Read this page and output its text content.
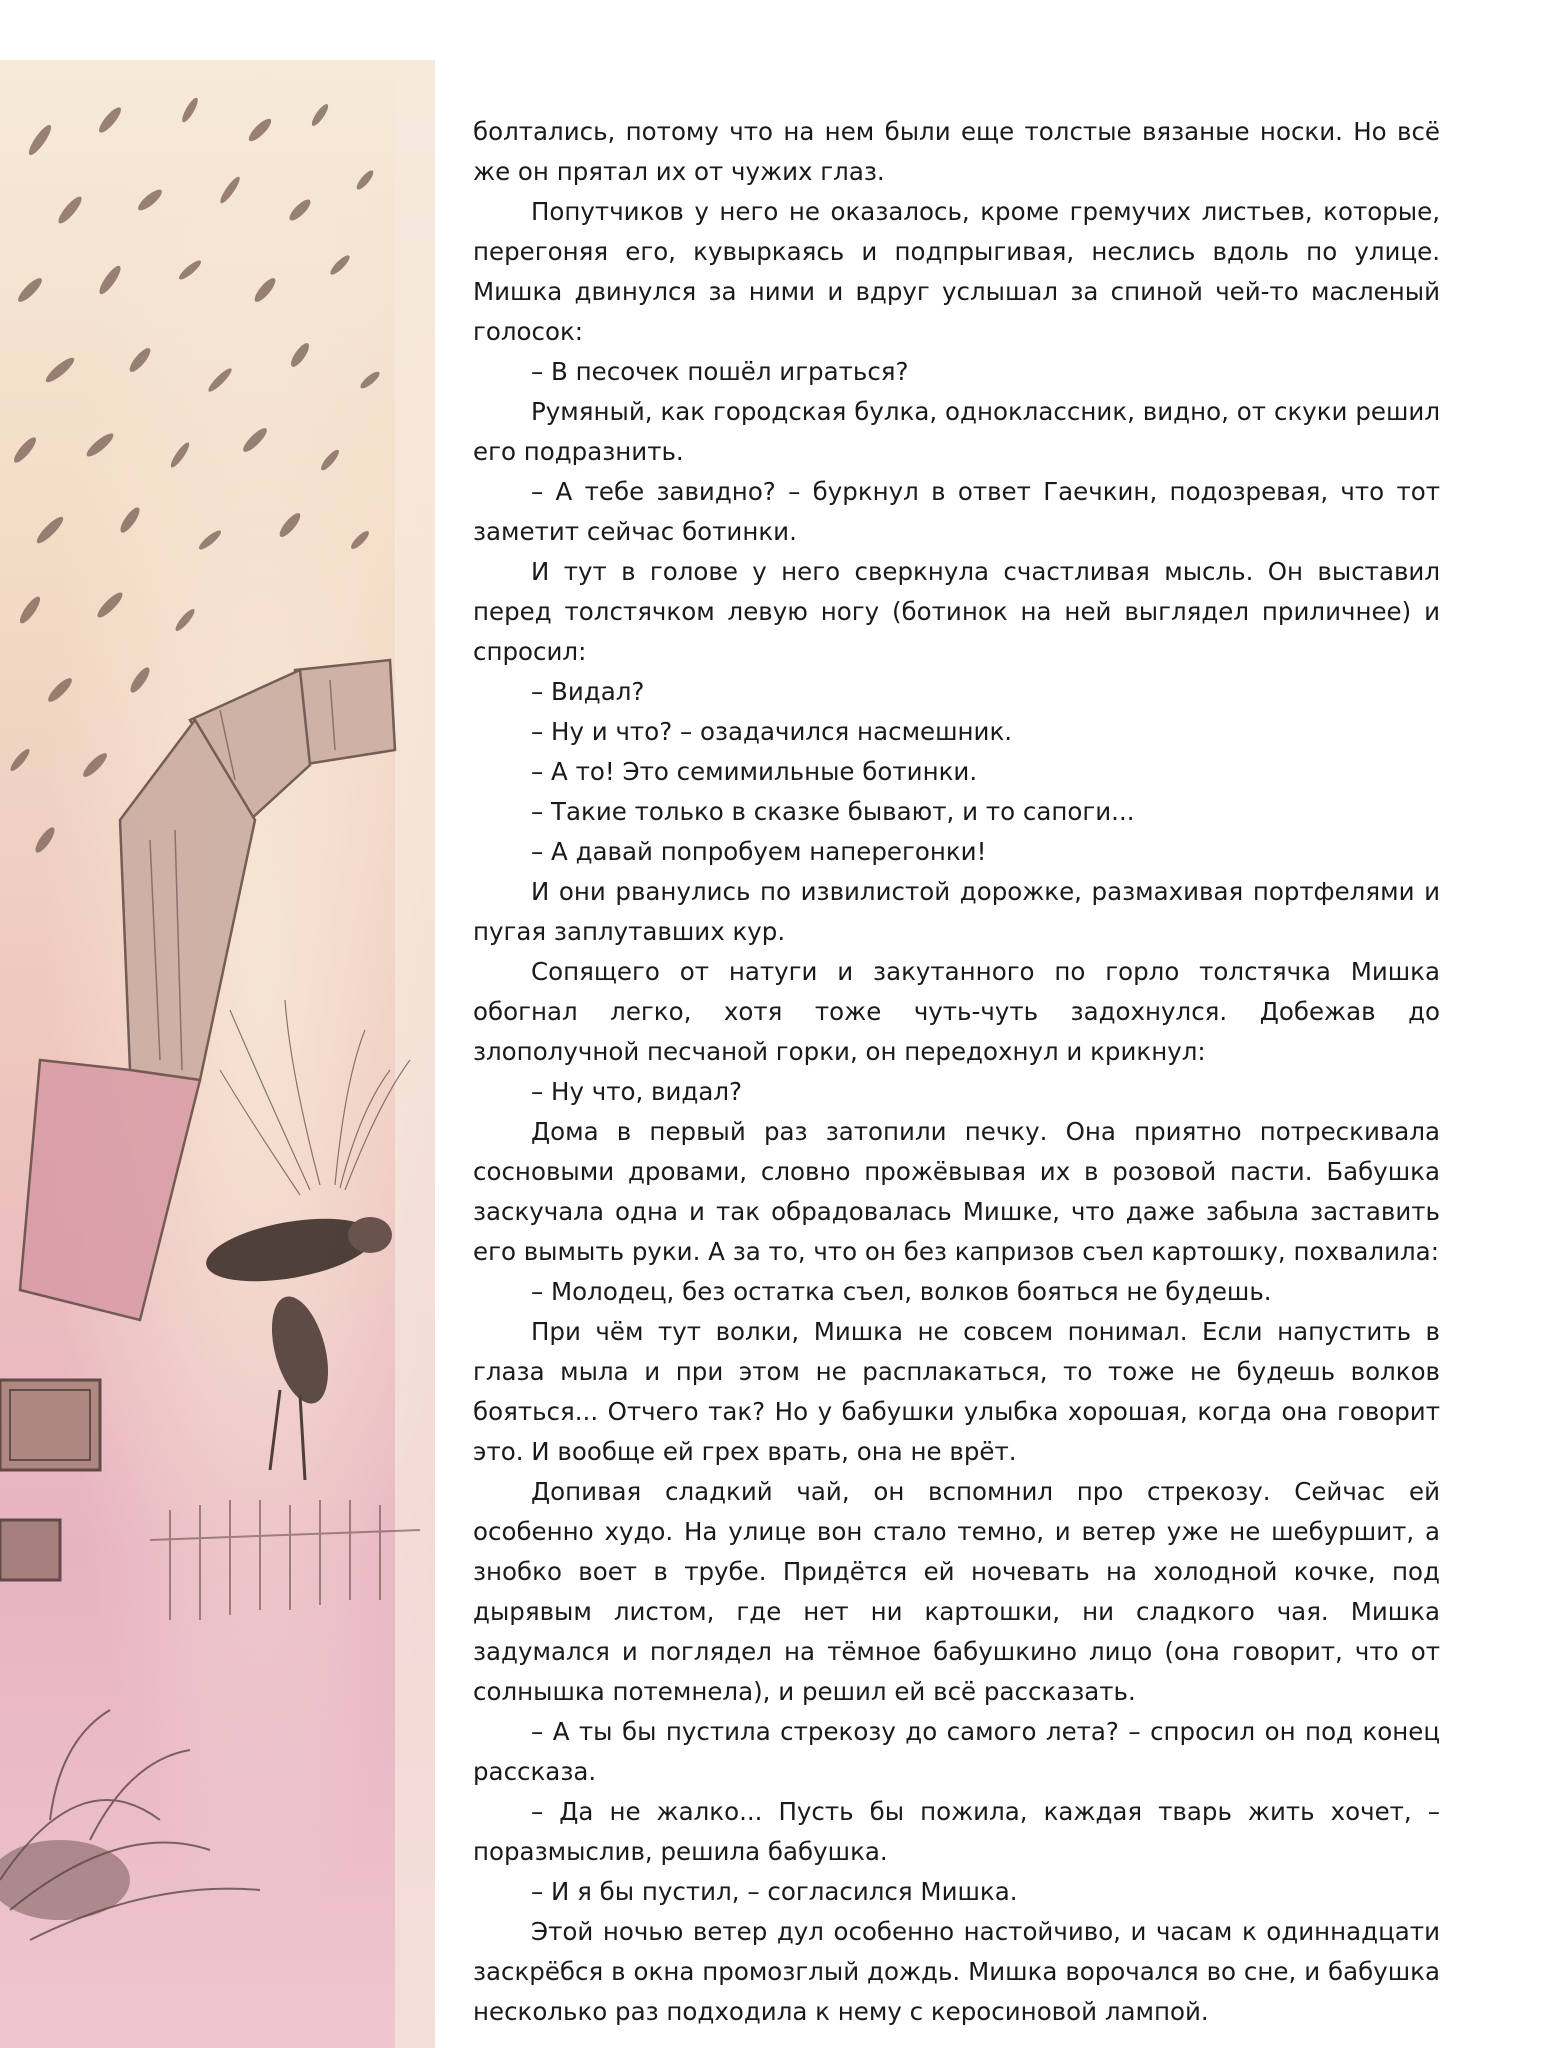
болтались, потому что на нем были еще толстые вязаные носки. Но всё же он прятал их от чужих глаз.

Попутчиков у него не оказалось, кроме гремучих листьев, которые, перегоняя его, кувыркаясь и подпрыгивая, неслись вдоль по улице. Мишка двинулся за ними и вдруг услышал за спиной чей-то масленый голосок:

– В песочек пошёл играться?

Румяный, как городская булка, одноклассник, видно, от скуки решил его подразнить.

– А тебе завидно? – буркнул в ответ Гаечкин, подозревая, что тот заметит сейчас ботинки.

И тут в голове у него сверкнула счастливая мысль. Он выставил перед толстячком левую ногу (ботинок на ней выглядел приличнее) и спросил:

– Видал?

– Ну и что? – озадачился насмешник.

– А то! Это семимильные ботинки.

– Такие только в сказке бывают, и то сапоги...

– А давай попробуем наперегонки!

И они рванулись по извилистой дорожке, размахивая портфелями и пугая заплутавших кур.

Сопящего от натуги и закутанного по горло толстячка Мишка обогнал легко, хотя тоже чуть-чуть задохнулся. Добежав до злополучной песчаной горки, он передохнул и крикнул:

– Ну что, видал?

Дома в первый раз затопили печку. Она приятно потрескивала сосновыми дровами, словно прожёвывая их в розовой пасти. Бабушка заскучала одна и так обрадовалась Мишке, что даже забыла заставить его вымыть руки. А за то, что он без капризов съел картошку, похвалила:

– Молодец, без остатка съел, волков бояться не будешь.

При чём тут волки, Мишка не совсем понимал. Если напустить в глаза мыла и при этом не расплакаться, то тоже не будешь волков бояться... Отчего так? Но у бабушки улыбка хорошая, когда она говорит это. И вообще ей грех врать, она не врёт.

Допивая сладкий чай, он вспомнил про стрекозу. Сейчас ей особенно худо. На улице вон стало темно, и ветер уже не шебуршит, а знобко воет в трубе. Придётся ей ночевать на холодной кочке, под дырявым листом, где нет ни картошки, ни сладкого чая. Мишка задумался и поглядел на тёмное бабушкино лицо (она говорит, что от солнышка потемнела), и решил ей всё рассказать.

– А ты бы пустила стрекозу до самого лета? – спросил он под конец рассказа.

– Да не жалко... Пусть бы пожила, каждая тварь жить хочет, – поразмыслив, решила бабушка.

– И я бы пустил, – согласился Мишка.

Этой ночью ветер дул особенно настойчиво, и часам к одиннадцати заскрёбся в окна промозглый дождь. Мишка ворочался во сне, и бабушка несколько раз подходила к нему с керосиновой лампой.
